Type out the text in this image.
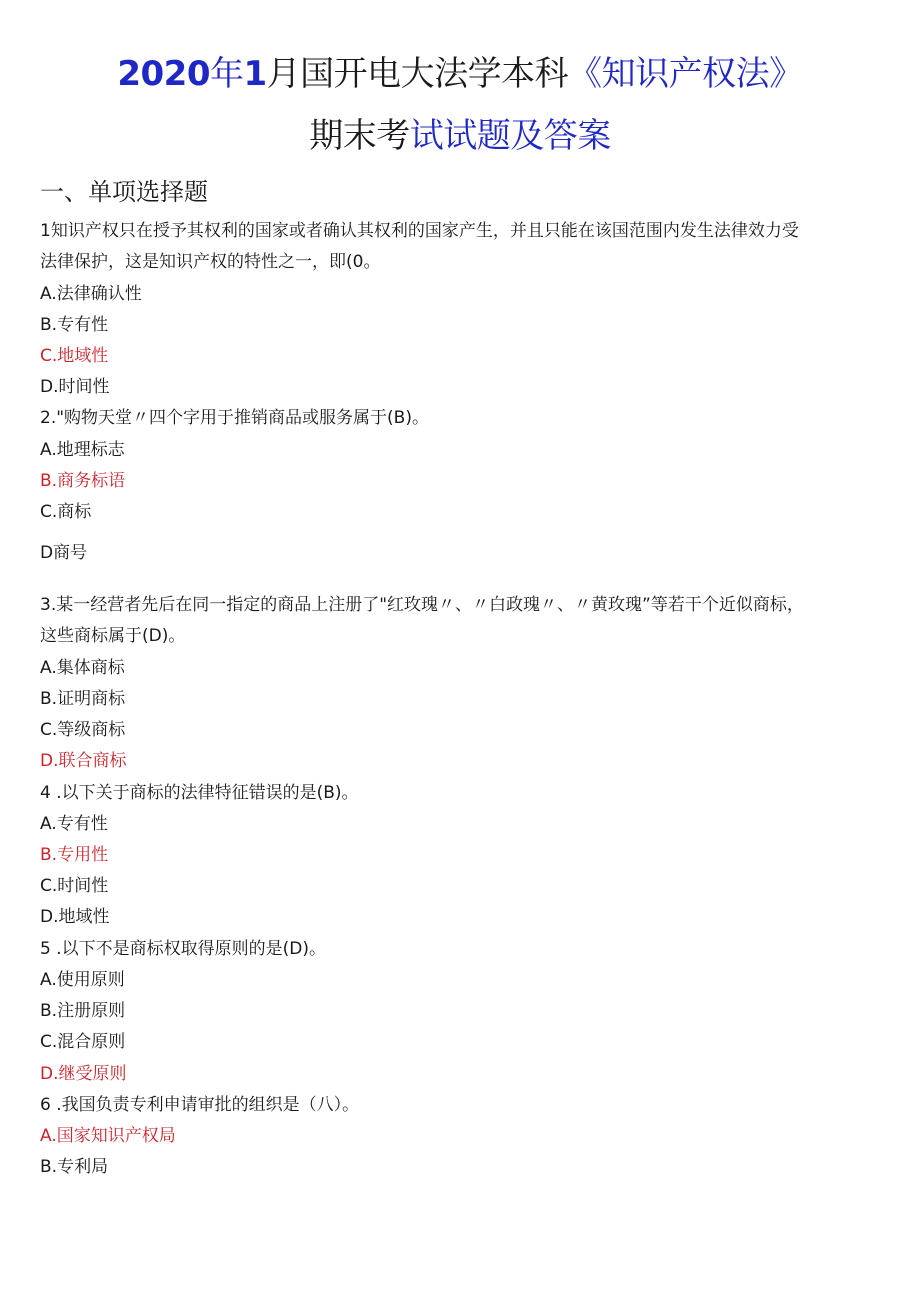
2020年1月国开电大法学本科《知识产权法》
期末考试试题及答案
一、单项选择题
1知识产权只在授予其权利的国家或者确认其权利的国家产生，并且只能在该国范围内发生法律效力受
法律保护，这是知识产权的特性之一，即(0。
A.法律确认性
B.专有性
C.地域性
D.时间性
2."购物天堂〃四个字用于推销商品或服务属于(B)。
A.地理标志
B.商务标语
C.商标
D商号
3.某一经营者先后在同一指定的商品上注册了"红玫瑰〃、〃白政瑰〃、〃黄玫瑰”等若干个近似商标，
这些商标属于(D)。
A.集体商标
B.证明商标
C.等级商标
D.联合商标
4 .以下关于商标的法律特征错误的是(B)。
A.专有性
B.专用性
C.时间性
D.地域性
5 .以下不是商标权取得原则的是(D)。
A.使用原则
B.注册原则
C.混合原则
D.继受原则
6 .我国负责专利申请审批的组织是（八）。
A.国家知识产权局
B.专利局
